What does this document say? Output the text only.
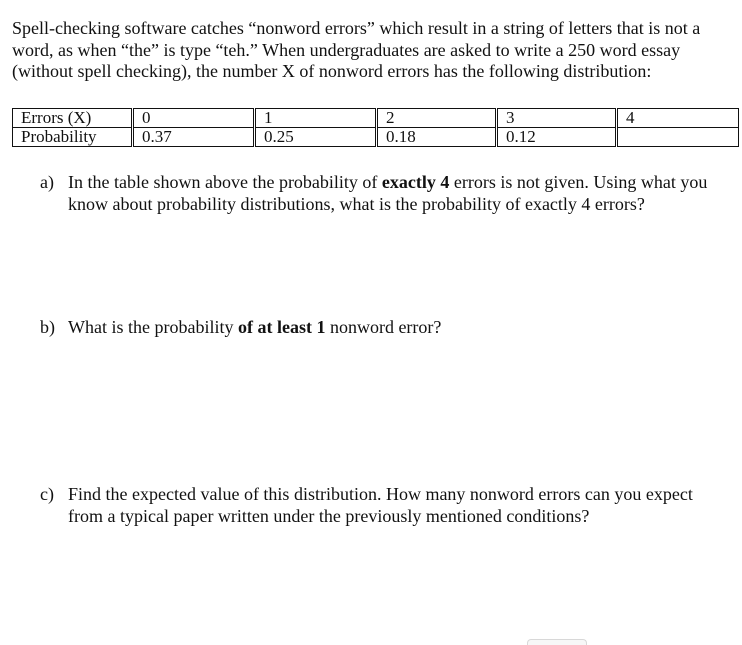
Spell-checking software catches “nonword errors” which result in a string of letters that is not a word, as when “the” is type “teh.” When undergraduates are asked to write a 250 word essay (without spell checking), the number X of nonword errors has the following distribution:

Errors (X)	0	1	2	3	4
Probability	0.37	0.25	0.18	0.12	
a) In the table shown above the probability of exactly 4 errors is not given. Using what you know about probability distributions, what is the probability of exactly 4 errors?
b) What is the probability of at least 1 nonword error?
c) Find the expected value of this distribution. How many nonword errors can you expect from a typical paper written under the previously mentioned conditions?
